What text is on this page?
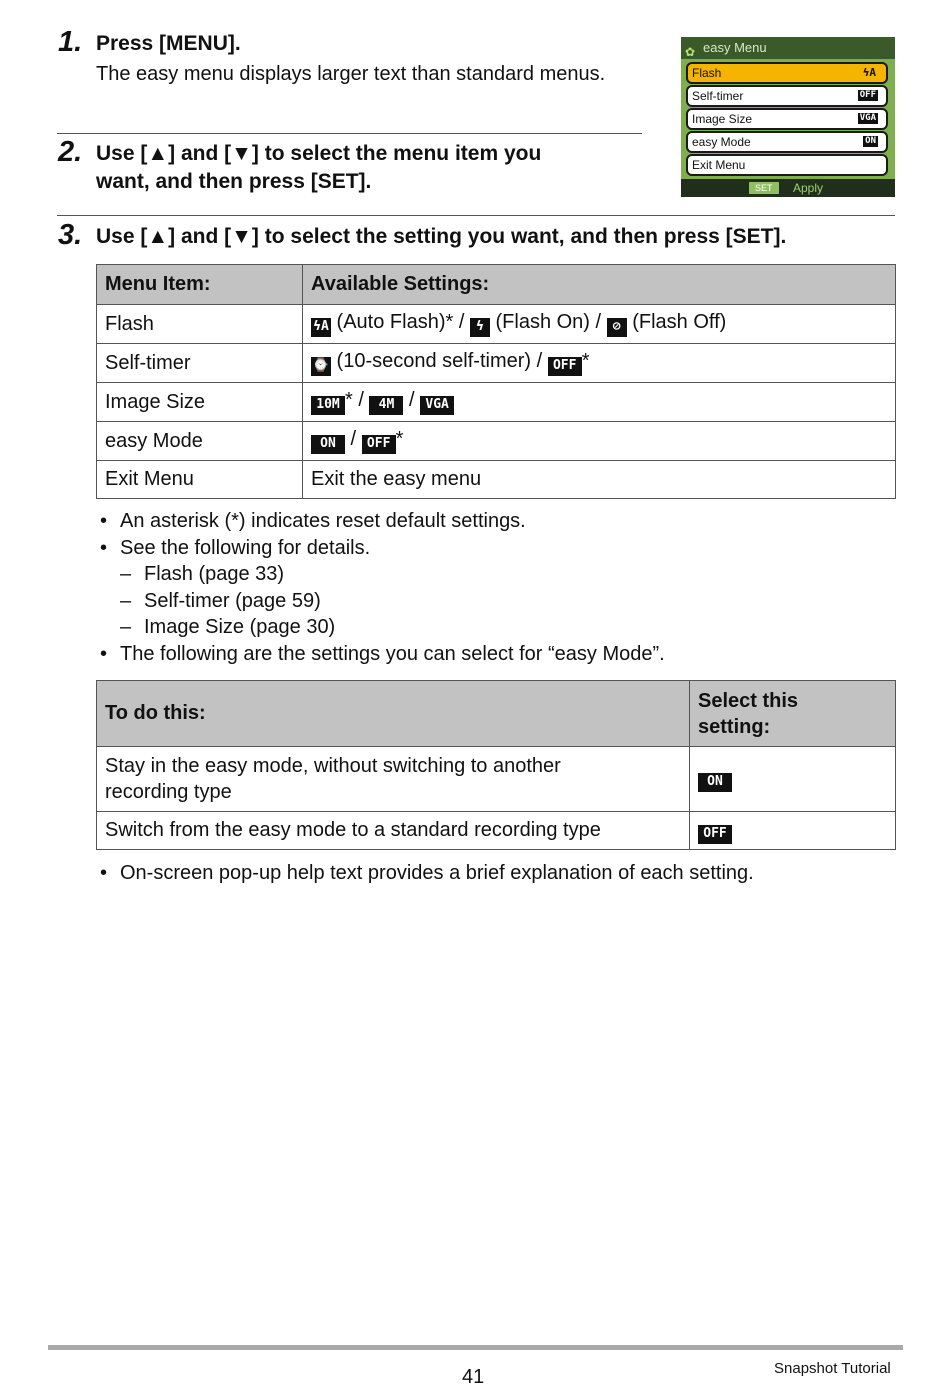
1. Press [MENU].
The easy menu displays larger text than standard menus.
2. Use [▲] and [▼] to select the menu item you
want, and then press [SET].
✿ easy Menu
Flash	ϟA
Self-timer	OFF
Image Size	VGA
easy Mode	ON
Exit Menu
SET	Apply
3. Use [▲] and [▼] to select the setting you want, and then press [SET].
Menu Item:	Available Settings:
Flash	ϟA (Auto Flash)* / ϟ (Flash On) / ⊘ (Flash Off)
Self-timer	⌚ (10-second self-timer) / OFF *
Image Size	10M * / 4M / VGA
easy Mode	ON / OFF *
Exit Menu	Exit the easy menu
• An asterisk (*) indicates reset default settings.
• See the following for details.
– Flash (page 33)
– Self-timer (page 59)
– Image Size (page 30)
• The following are the settings you can select for “easy Mode”.
To do this:	Select this
setting:
Stay in the easy mode, without switching to another
recording type	ON
Switch from the easy mode to a standard recording type	OFF
• On-screen pop-up help text provides a brief explanation of each setting.
41	Snapshot Tutorial
